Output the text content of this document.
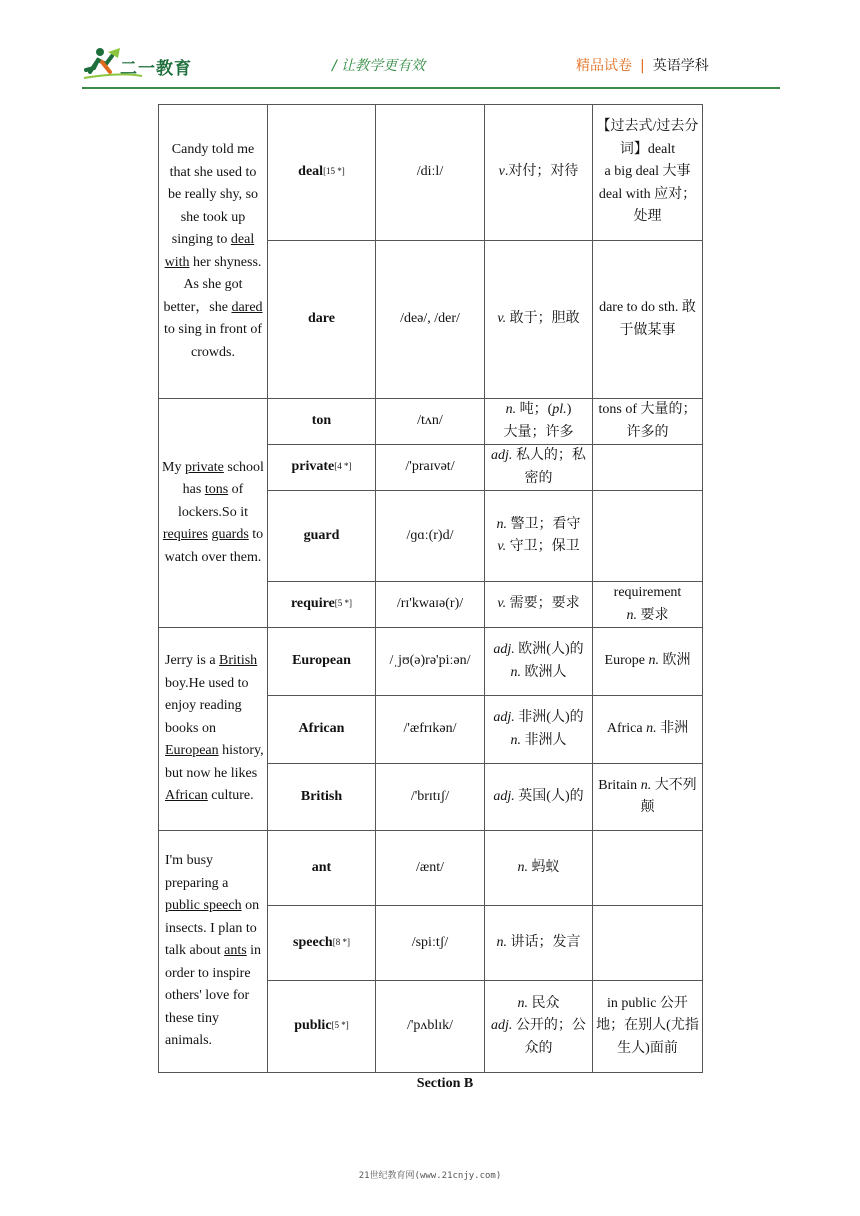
二一教育	/ 让教学更有效	精品试卷 | 英语学科
Candy told me that she used to be really shy, so she took up singing to deal with her shyness. As she got better，she dared to sing in front of crowds.	deal[15 *]	/diːl/	v.对付；对待	【过去式/过去分词】dealt
a big deal 大事
deal with 应对；处理
	dare	/deə/, /der/	v. 敢于；胆敢	dare to do sth. 敢于做某事
My private school has tons of lockers.So it requires guards to watch over them.	ton	/tʌn/	n. 吨；(pl.)
大量；许多	tons of 大量的；许多的
	private[4 *]	/'praɪvət/	adj. 私人的；私密的	
	guard	/ɡɑː(r)d/	n. 警卫；看守
v. 守卫；保卫	
	require[5 *]	/rɪ'kwaɪə(r)/	v. 需要；要求	requirement
n. 要求
Jerry is a British boy.He used to enjoy reading books on European history, but now he likes African culture.	European	/ˌjʊ(ə)rə'piːən/	adj. 欧洲(人)的
n. 欧洲人	Europe n. 欧洲
	African	/'æfrɪkən/	adj. 非洲(人)的
n. 非洲人	Africa n. 非洲
	British	/'brɪtɪʃ/	adj. 英国(人)的	Britain n. 大不列颠
I'm busy preparing a public speech on insects. I plan to talk about ants in order to inspire others' love for these tiny animals.	ant	/ænt/	n. 蚂蚁	
	speech[8 *]	/spiːtʃ/	n. 讲话；发言	
	public[5 *]	/'pʌblɪk/	n. 民众
adj. 公开的；公众的	in public 公开地；在别人(尤指生人)面前
Section B
21世纪教育网(www.21cnjy.com)
